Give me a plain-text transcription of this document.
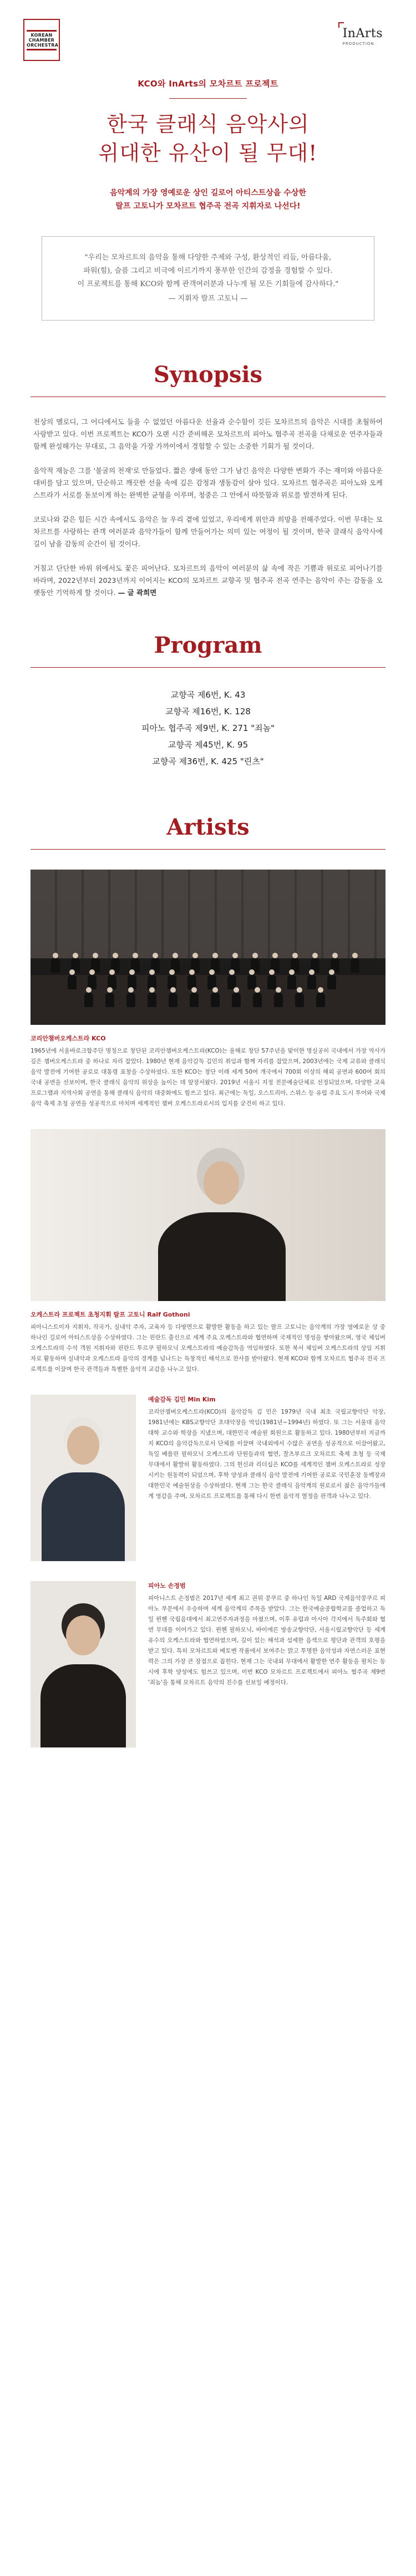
KOREAN
CHAMBER
ORCHESTRA
InArts
PRODUCTION
KCO와 InArts의 모차르트 프로젝트
한국 클래식 음악사의
위대한 유산이 될 무대!
음악계의 가장 영예로운 상인 길로어 아티스트상을 수상한
랄프 고토니가 모차르트 협주곡 전곡 지휘자로 나선다!
"우리는 모차르트의 음악을 통해 다양한 주제와 구성, 환상적인 리듬, 아름다움,
파워(힘), 슬픔 그리고 비극에 이르기까지 풍부한 인간의 감정을 경험할 수 있다.
이 프로젝트를 통해 KCO와 함께 관객여러분과 나누게 될 모든 기회들에 감사하다."
— 지휘자 랄프 고토니 —
Synopsis

천상의 멜로디, 그 어디에서도 들을 수 없었던 아름다운 선율과 순수함이 깃든 모차르트의 음악은 시대를 초월하여 사랑받고 있다. 이번 프로젝트는 KCO가 오랜 시간 준비해온 모차르트의 피아노 협주곡 전곡을 다채로운 연주자들과 함께 완성해가는 무대로, 그 음악을 가장 가까이에서 경험할 수 있는 소중한 기회가 될 것이다.

음악적 재능은 그를 '불굴의 천재'로 만들었다. 짧은 생애 동안 그가 남긴 음악은 다양한 변화가 주는 재미와 아름다운 대비를 담고 있으며, 단순하고 깨끗한 선율 속에 깊은 감정과 생동감이 살아 있다. 모차르트 협주곡은 피아노와 오케스트라가 서로를 돋보이게 하는 완벽한 균형을 이루며, 청중은 그 안에서 따뜻함과 위로를 발견하게 된다.

코로나와 같은 힘든 시간 속에서도 음악은 늘 우리 곁에 있었고, 우리에게 위안과 희망을 전해주었다. 이번 무대는 모차르트를 사랑하는 관객 여러분과 음악가들이 함께 만들어가는 의미 있는 여정이 될 것이며, 한국 클래식 음악사에 길이 남을 감동의 순간이 될 것이다.

거칠고 단단한 바위 위에서도 꽃은 피어난다. 모차르트의 음악이 여러분의 삶 속에 작은 기쁨과 위로로 피어나기를 바라며, 2022년부터 2023년까지 이어지는 KCO의 모차르트 교향곡 및 협주곡 전곡 연주는 음악이 주는 감동을 오랫동안 기억하게 할 것이다. — 글 곽희면

Program
교향곡 제6번, K. 43
교향곡 제16번, K. 128
피아노 협주곡 제9번, K. 271 "죄놈"
교향곡 제45번, K. 95
교향곡 제36번, K. 425 "린츠"
Artists
코리안챔버오케스트라 KCO
1965년에 서울바로크합주단 명칭으로 창단된 코리안챔버오케스트라(KCO)는 올해로 창단 57주년을 맞이한 명실공히 국내에서 가장 역사가 깊은 챔버오케스트라 중 하나로 자리 잡았다. 1980년 현재 음악감독 김민의 취임과 함께 자리를 잡았으며, 2003년에는 국제 교류와 클래식 음악 발전에 기여한 공로로 대통령 표창을 수상하였다. 또한 KCO는 창단 이래 세계 50여 개국에서 700회 이상의 해외 공연과 600여 회의 국내 공연을 선보이며, 한국 클래식 음악의 위상을 높이는 데 앞장서왔다. 2019년 서울시 지정 전문예술단체로 선정되었으며, 다양한 교육 프로그램과 지역사회 공연을 통해 클래식 음악의 대중화에도 힘쓰고 있다. 최근에는 독일, 오스트리아, 스위스 등 유럽 주요 도시 투어와 국제 음악 축제 초청 공연을 성공적으로 마치며 세계적인 챔버 오케스트라로서의 입지를 굳건히 하고 있다.
오케스트라 프로젝트 초청지휘 랄프 고토니 Ralf Gothoni
피아니스트이자 지휘자, 작곡가, 실내악 주자, 교육자 등 다방면으로 활발한 활동을 하고 있는 랄프 고토니는 음악계의 가장 영예로운 상 중 하나인 길로어 아티스트상을 수상하였다. 그는 핀란드 출신으로 세계 주요 오케스트라와 협연하며 국제적인 명성을 쌓아왔으며, 영국 체임버 오케스트라의 수석 객원 지휘자와 핀란드 투르쿠 필하모닉 오케스트라의 예술감독을 역임하였다. 또한 북서 체임버 오케스트라의 상임 지휘자로 활동하며 실내악과 오케스트라 음악의 경계를 넘나드는 독창적인 해석으로 찬사를 받아왔다. 현재 KCO와 함께 모차르트 협주곡 전곡 프로젝트를 이끌며 한국 관객들과 특별한 음악적 교감을 나누고 있다.
예술감독 김민 Min Kim
코리안챔버오케스트라(KCO)의 음악감독 김 민은 1979년 국내 최초 국립교향악단 악장, 1981년에는 KBS교향악단 초대악장을 역임(1981년~1994년) 하였다. 또 그는 서울대 음악대학 교수와 학장을 지냈으며, 대한민국 예술원 회원으로 활동하고 있다. 1980년부터 지금까지 KCO의 음악감독으로서 단체를 이끌며 국내외에서 수많은 공연을 성공적으로 이끌어왔고, 독일 베를린 필하모닉 오케스트라 단원들과의 협연, 잘츠부르크 모차르트 축제 초청 등 국제 무대에서 활발히 활동하였다. 그의 헌신과 리더십은 KCO를 세계적인 챔버 오케스트라로 성장시키는 원동력이 되었으며, 후학 양성과 클래식 음악 발전에 기여한 공로로 국민훈장 동백장과 대한민국 예술원상을 수상하였다. 현재 그는 한국 클래식 음악계의 원로로서 젊은 음악가들에게 영감을 주며, 모차르트 프로젝트를 통해 다시 한번 음악적 열정을 관객과 나누고 있다.
피아노 손정범
피아니스트 손정범은 2017년 세계 최고 권위 콩쿠르 중 하나인 독일 ARD 국제음악콩쿠르 피아노 부문에서 우승하며 세계 음악계의 주목을 받았다. 그는 한국예술종합학교를 졸업하고 독일 뮌헨 국립음대에서 최고연주자과정을 마쳤으며, 이후 유럽과 아시아 각지에서 독주회와 협연 무대를 이어가고 있다. 뮌헨 필하모닉, 바이에른 방송교향악단, 서울시립교향악단 등 세계 유수의 오케스트라와 협연하였으며, 깊이 있는 해석과 섬세한 음색으로 평단과 관객의 호평을 받고 있다. 특히 모차르트와 베토벤 작품에서 보여주는 맑고 투명한 음악성과 자연스러운 표현력은 그의 가장 큰 장점으로 꼽힌다. 현재 그는 국내외 무대에서 활발한 연주 활동을 펼치는 동시에 후학 양성에도 힘쓰고 있으며, 이번 KCO 모차르트 프로젝트에서 피아노 협주곡 제9번 '죄놈'을 통해 모차르트 음악의 진수를 선보일 예정이다.
